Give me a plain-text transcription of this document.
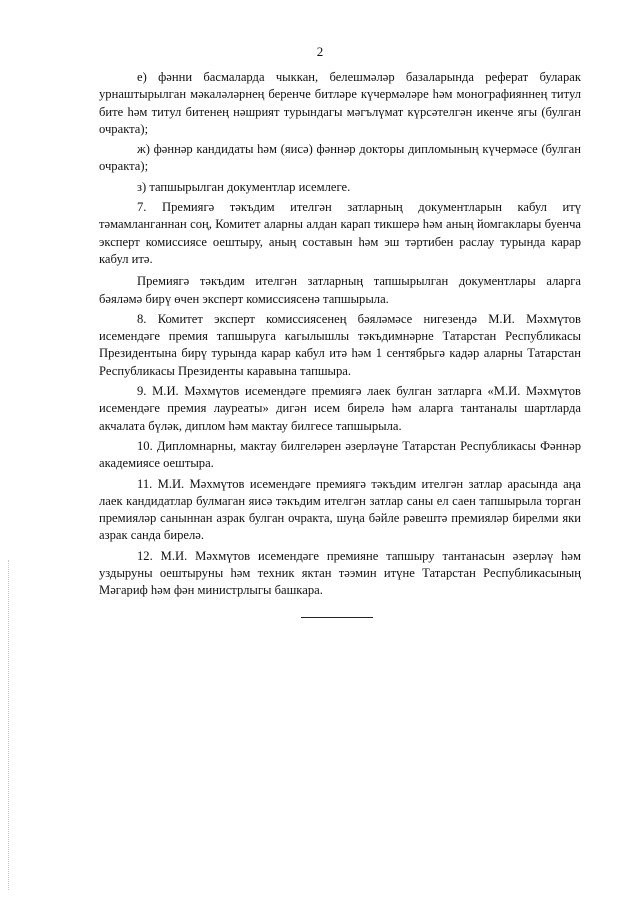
2

е) фәнни басмаларда чыккан, белешмәләр базаларында реферат буларак урнаштырылган мәкаләләрнең беренче битләре күчермәләре һәм монографияннең титул бите һәм титул битенең нәшрият турындагы мәгълүмат күрсәтелгән икенче ягы (булган очракта);

ж) фәннәр кандидаты һәм (яисә) фәннәр докторы дипломының күчермәсе (булган очракта);

з) тапшырылган документлар исемлеге.

7. Премиягә тәкъдим ителгән затларның документларын кабул итү тәмамланганнан соң, Комитет аларны алдан карап тикшерә һәм аның йомгаклары буенча эксперт комиссиясе оештыру, аның составын һәм эш тәртибен раслау турында карар кабул итә.

Премиягә тәкъдим ителгән затларның тапшырылган документлары аларга бәяләмә бирү өчен эксперт комиссиясенә тапшырыла.

8. Комитет эксперт комиссиясенең бәяләмәсе нигезендә М.И. Мәхмүтов исемендәге премия тапшыруга кагылышлы тәкъдимнәрне Татарстан Республикасы Президентына бирү турында карар кабул итә һәм 1 сентябрьгә кадәр аларны Татарстан Республикасы Президенты каравына тапшыра.

9. М.И. Мәхмүтов исемендәге премиягә лаек булган затларга «М.И. Мәхмүтов исемендәге премия лауреаты» дигән исем бирелә һәм аларга тантаналы шартларда акчалата бүләк, диплом һәм мактау билгесе тапшырыла.

10. Дипломнарны, мактау билгеләрен әзерләүне Татарстан Республикасы Фәннәр академиясе оештыра.

11. М.И. Мәхмүтов исемендәге премиягә тәкъдим ителгән затлар арасында аңа лаек кандидатлар булмаган яисә тәкъдим ителгән затлар саны ел саен тапшырыла торган премияләр саныннан азрак булган очракта, шуңа бәйле рәвештә премияләр бирелми яки азрак санда бирелә.

12. М.И. Мәхмүтов исемендәге премияне тапшыру тантанасын әзерләү һәм уздыруны оештыруны һәм техник яктан тәэмин итүне Татарстан Республикасының Мәгариф һәм фән министрлыгы башкара.
